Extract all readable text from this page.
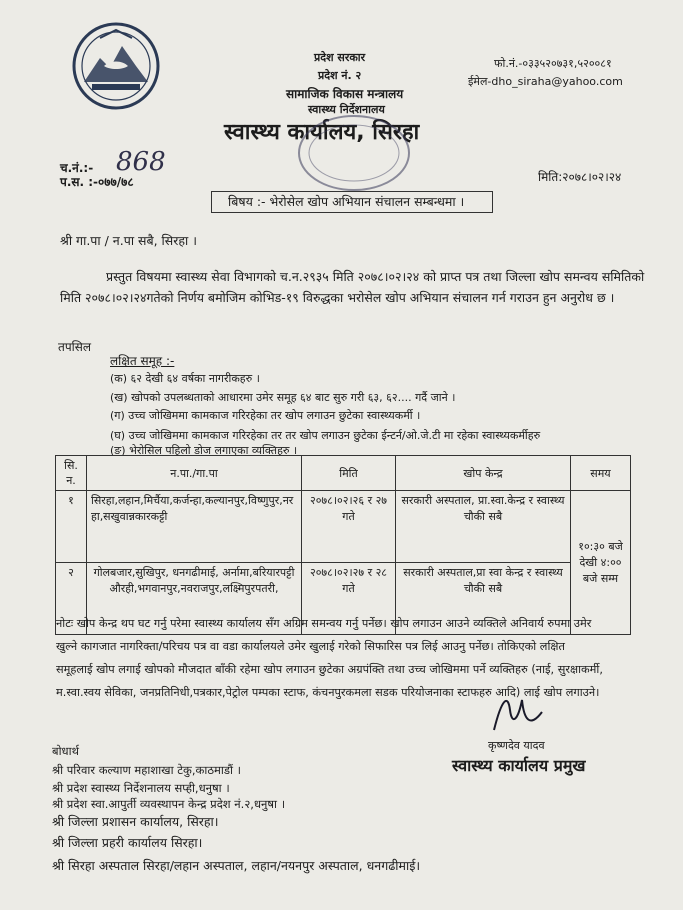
प्रदेश सरकार
प्रदेश नं. २
सामाजिक विकास मन्त्रालय
स्वास्थ्य निर्देशनालय
स्वास्थ्य कार्यालय, सिरहा
फो.नं.-०३३५२०७३१,५२००८१
ईमेल-dho_siraha@yahoo.com
च.नं.:- 868
प.स. :-०७७/७८	मिति:२०७८।०२।२४
बिषय :- भेरोसेल खोप अभियान संचालन सम्बन्धमा ।
श्री गा.पा / न.पा सबै, सिरहा ।
प्रस्तुत विषयमा स्वास्थ्य सेवा विभागको च.न.२९३५ मिति २०७८।०२।२४ को प्राप्त पत्र तथा जिल्ला खोप समन्वय समितिको मिति २०७८।०२।२४गतेको निर्णय बमोजिम कोभिड-१९ विरुद्धका भरोसेल खोप अभियान संचालन गर्न गराउन हुन अनुरोध छ ।
तपसिल
लक्षित समूह :-
(क) ६२ देखी ६४ वर्षका नागरीकहरु ।
(ख) खोपको उपलब्धताको आधारमा उमेर समूह ६४ बाट सुरु गरी ६३, ६२.... गर्दै जाने ।
(ग) उच्च जोखिममा कामकाज गरिरहेका तर खोप लगाउन छुटेका स्वास्थ्यकर्मी ।
(घ) उच्च जोखिममा कामकाज गरिरहेका तर तर खोप लगाउन छुटेका ईन्टर्न/ओ.जे.टी मा रहेका स्वास्थ्यकर्मीहरु
(ङ) भेरोसिल पहिलो डोज लगाएका व्यक्तिहरु ।
सि. न.	न.पा./गा.पा	मिति	खोप केन्द्र	समय
१	सिरहा,लहान,मिर्चैया,कर्जन्हा,कल्यानपुर,विष्णुपुर,नरहा,सखुवान्नकारकट्टी	२०७८।०२।२६ र २७ गते	सरकारी अस्पताल, प्रा.स्वा.केन्द्र र स्वास्थ्य चौकी सबै	१०:३० बजे देखी ४:०० बजे सम्म
२	गोलबजार,सुखिपुर, धनगढीमाई, अर्नामा,बरियारपट्टी औरही,भगवानपुर,नवराजपुर,लक्ष्मिपुरपतरी,	२०७८।०२।२७ र २८ गते	सरकारी अस्पताल,प्रा स्वा केन्द्र र स्वास्थ्य चौकी सबै	
नोटः खोप केन्द्र थप घट गर्नु परेमा स्वास्थ्य कार्यालय सँग अग्रिम समन्वय गर्नु पर्नेछ। खोप लगाउन आउने व्यक्तिले अनिवार्य रुपमा उमेर
खुल्ने कागजात नागरिक्ता/परिचय पत्र वा वडा कार्यालयले उमेर खुलाई गरेको सिफारिस पत्र लिई आउनु पर्नेछ। तोकिएको लक्षित
समूहलाई खोप लगाई खोपको मौजदात बाँकी रहेमा खोप लगाउन छुटेका अग्रपंक्ति तथा उच्च जोखिममा पर्ने व्यक्तिहरु (नाई, सुरक्षाकर्मी,
म.स्वा.स्वय सेविका, जनप्रतिनिधी,पत्रकार,पेट्रोल पम्पका स्टाफ, कंचनपुरकमला सडक परियोजनाका स्टाफहरु आदि) लाई खोप लगाउने।
कृष्णदेव यादव
स्वास्थ्य कार्यालय प्रमुख
बोधार्थ
श्री परिवार कल्याण महाशाखा टेकु,काठमाडौं ।
श्री प्रदेश स्वास्थ्य निर्देशनालय सप्ही,धनुषा ।
श्री प्रदेश स्वा.आपुर्ती व्यवस्थापन केन्द्र प्रदेश नं.२,धनुषा ।
श्री जिल्ला प्रशासन कार्यालय, सिरहा।
श्री जिल्ला प्रहरी कार्यालय सिरहा।
श्री सिरहा अस्पताल सिरहा/लहान अस्पताल, लहान/नयनपुर अस्पताल, धनगढीमाई।
